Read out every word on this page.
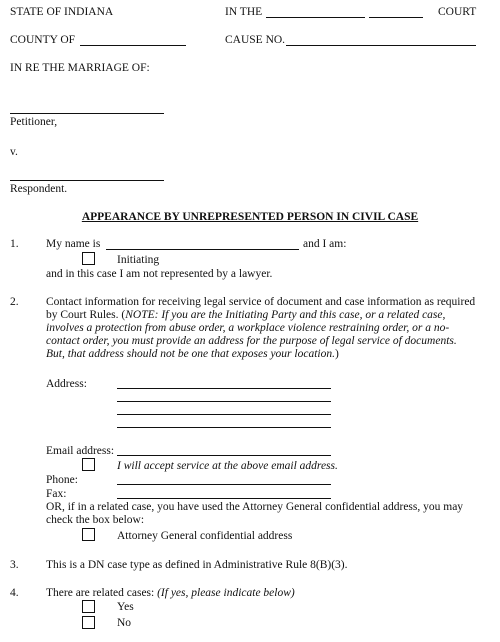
STATE OF INDIANA	IN THE	COURT
COUNTY OF	CAUSE NO.
IN RE THE MARRIAGE OF:
Petitioner,
v.
Respondent.
APPEARANCE BY UNREPRESENTED PERSON IN CIVIL CASE
1. My name is	and I am:
Initiating
and in this case I am not represented by a lawyer.
2. Contact information for receiving legal service of document and case information as required by Court Rules. (NOTE: If you are the Initiating Party and this case, or a related case, involves a protection from abuse order, a workplace violence restraining order, or a no-contact order, you must provide an address for the purpose of legal service of documents. But, that address should not be one that exposes your location.)
Address:
Email address:
I will accept service at the above email address.
Phone:
Fax:
OR, if in a related case, you have used the Attorney General confidential address, you may check the box below:
Attorney General confidential address
3. This is a DN case type as defined in Administrative Rule 8(B)(3).
4. There are related cases: (If yes, please indicate below)
Yes
No
